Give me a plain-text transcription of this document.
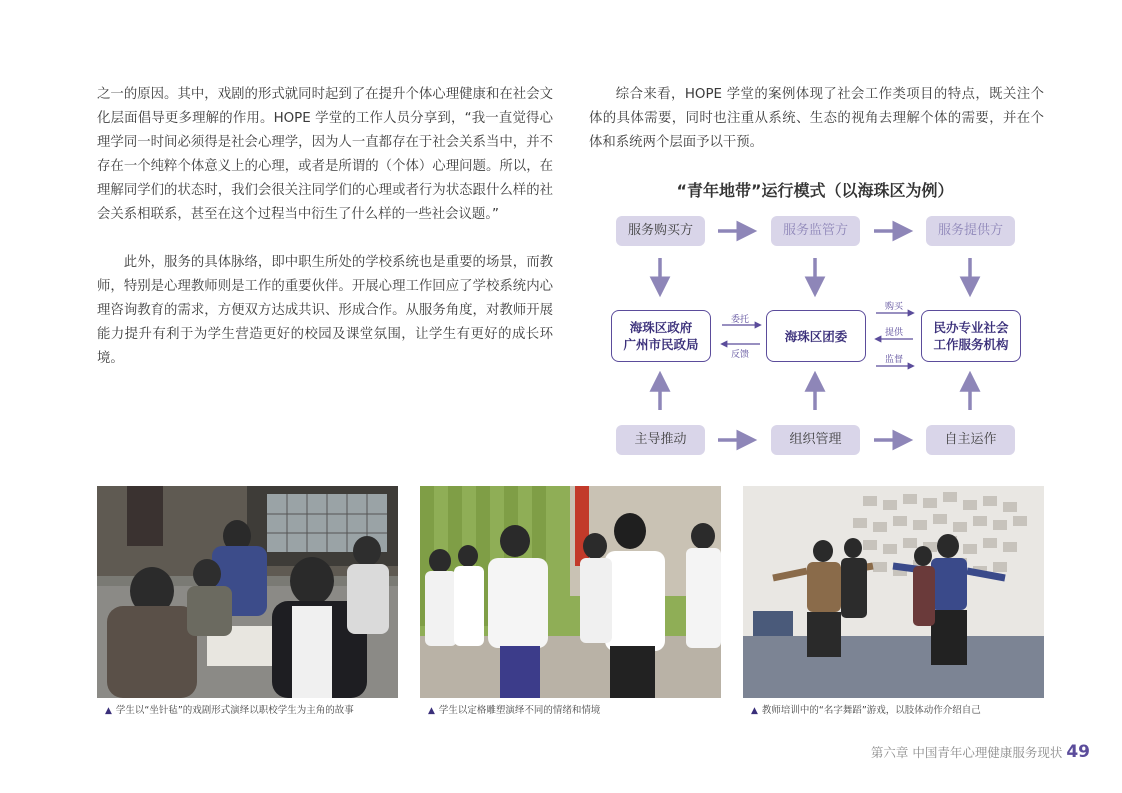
之一的原因。其中，戏剧的形式就同时起到了在提升个体心理健康和在社会文化层面倡导更多理解的作用。HOPE 学堂的工作人员分享到，“我一直觉得心理学同一时间必须得是社会心理学，因为人一直都存在于社会关系当中，并不存在一个纯粹个体意义上的心理，或者是所谓的（个体）心理问题。所以，在理解同学们的状态时，我们会很关注同学们的心理或者行为状态跟什么样的社会关系相联系，甚至在这个过程当中衍生了什么样的一些社会议题。”

此外，服务的具体脉络，即中职生所处的学校系统也是重要的场景，而教师，特别是心理教师则是工作的重要伙伴。开展心理工作回应了学校系统内心理咨询教育的需求，方便双方达成共识、形成合作。从服务角度，对教师开展能力提升有利于为学生营造更好的校园及课堂氛围，让学生有更好的成长环境。

综合来看，HOPE 学堂的案例体现了社会工作类项目的特点，既关注个体的具体需要，同时也注重从系统、生态的视角去理解个体的需要，并在个体和系统两个层面予以干预。

“青年地带”运行模式（以海珠区为例）
服务购买方	服务监管方	服务提供方
海珠区政府
广州市民政局
海珠区团委
民办专业社会
工作服务机构
委托
反馈
购买
提供
监督
主导推动	组织管理	自主运作
▲ 学生以“坐针毡”的戏剧形式演绎以职校学生为主角的故事	▲ 学生以定格雕塑演绎不同的情绪和情境	▲ 教师培训中的“名字舞蹈”游戏，以肢体动作介绍自己
第六章 中国青年心理健康服务现状 49
